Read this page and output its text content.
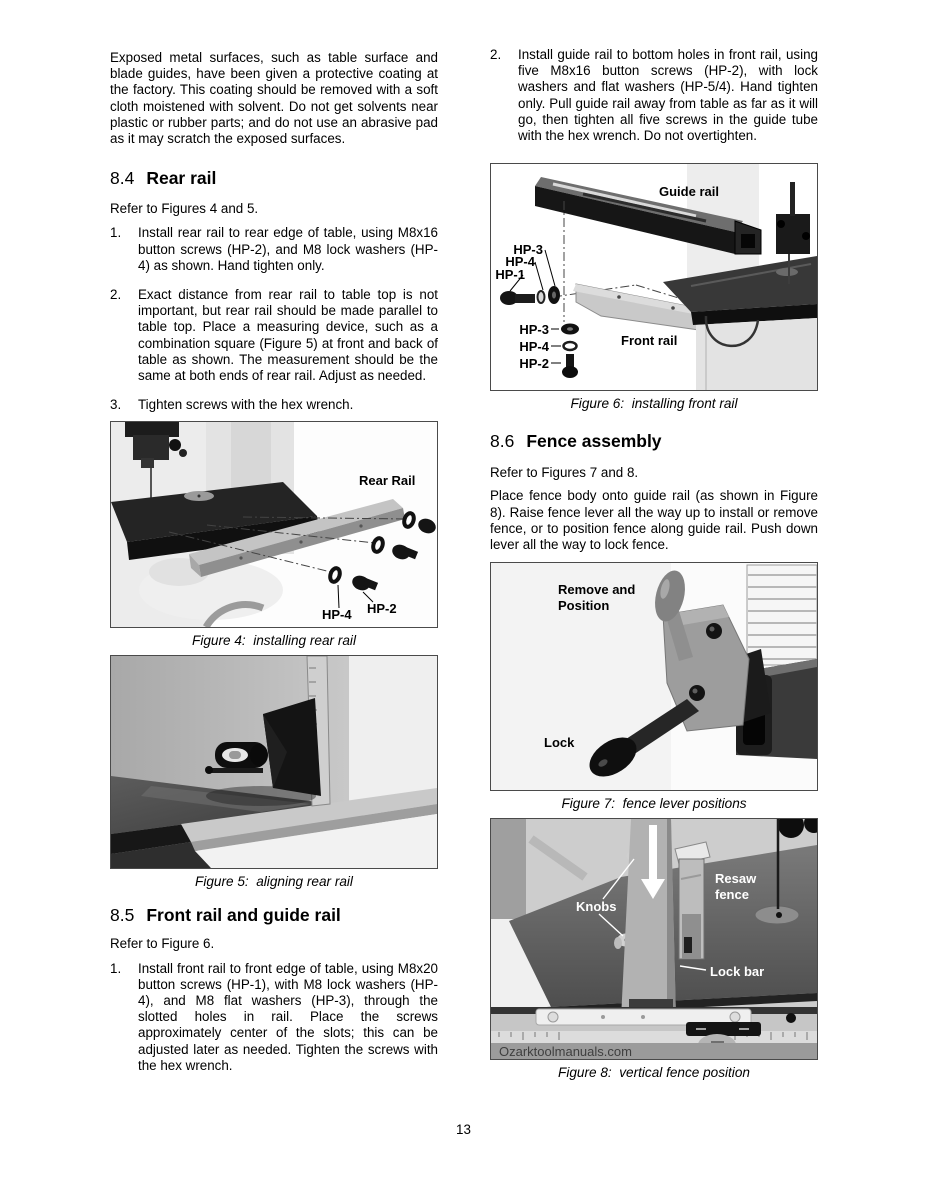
Exposed metal surfaces, such as table surface and blade guides, have been given a protective coating at the factory. This coating should be removed with a soft cloth moistened with solvent. Do not get solvents near plastic or rubber parts; and do not use an abrasive pad as it may scratch the exposed surfaces.

8.4 Rear rail

Refer to Figures 4 and 5.

1.	Install rear rail to rear edge of table, using M8x16 button screws (HP-2), and M8 lock washers (HP-4) as shown. Hand tighten only.
2.	Exact distance from rear rail to table top is not important, but rear rail should be made parallel to table top. Place a measuring device, such as a combination square (Figure 5) at front and back of table as shown. The measurement should be the same at both ends of rear rail. Adjust as needed.
3.	Tighten screws with the hex wrench.
Rear Rail
HP-4 HP-2
Figure 4:  installing rear rail
Figure 5:  aligning rear rail
8.5 Front rail and guide rail

Refer to Figure 6.

1.	Install front rail to front edge of table, using M8x20 button screws (HP-1), with M8 lock washers (HP-4), and M8 flat washers (HP-3), through the slotted holes in rail. Place the screws approximately center of the slots; this can be adjusted later as needed. Tighten the screws with the hex wrench.
2.	Install guide rail to bottom holes in front rail, using five M8x16 button screws (HP-2), with lock washers and flat washers (HP-5/4). Hand tighten only. Pull guide rail away from table as far as it will go, then tighten all five screws in the guide tube with the hex wrench. Do not overtighten.
Guide rail
HP-3
HP-4
HP-1
HP-3
HP-4
HP-2
Front rail
Figure 6:  installing front rail
8.6 Fence assembly

Refer to Figures 7 and 8.

Place fence body onto guide rail (as shown in Figure 8). Raise fence lever all the way up to install or remove fence, or to position fence along guide rail. Push down lever all the way to lock fence.

Remove and
Position
Lock
Figure 7:  fence lever positions
Knobs
Resaw
fence
Lock bar
Ozarktoolmanuals.com
Figure 8:  vertical fence position
13
